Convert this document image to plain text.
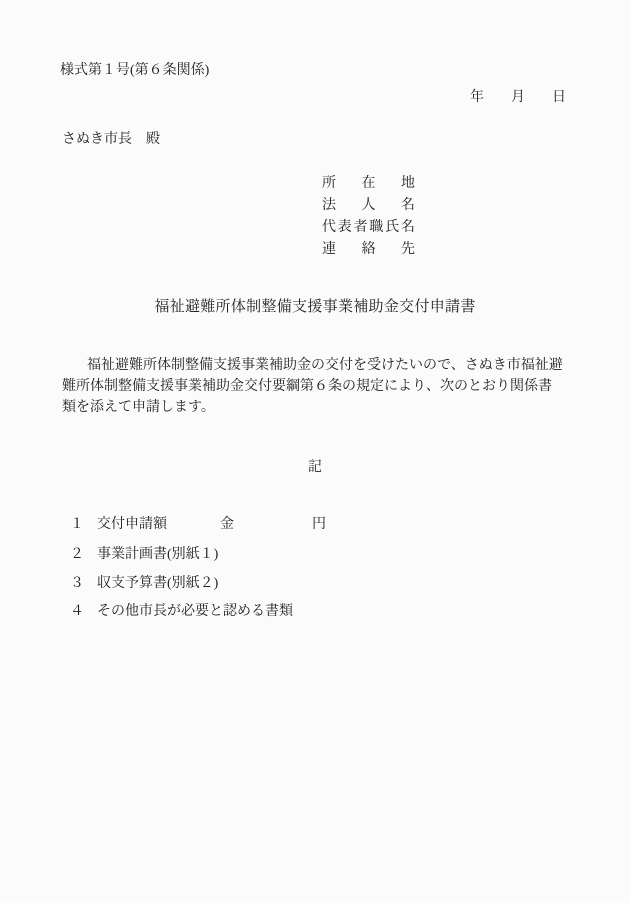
様式第１号(第６条関係)
年　月　日
さぬき市長　殿
所在地
法人名
代表者職氏名
連絡先
福祉避難所体制整備支援事業補助金交付申請書
福祉避難所体制整備支援事業補助金の交付を受けたいので、さぬき市福祉避
難所体制整備支援事業補助金交付要綱第６条の規定により、次のとおり関係書
類を添えて申請します。
記
１ 交付申請額	金	円
２ 事業計画書(別紙１)
３ 収支予算書(別紙２)
４ その他市長が必要と認める書類
